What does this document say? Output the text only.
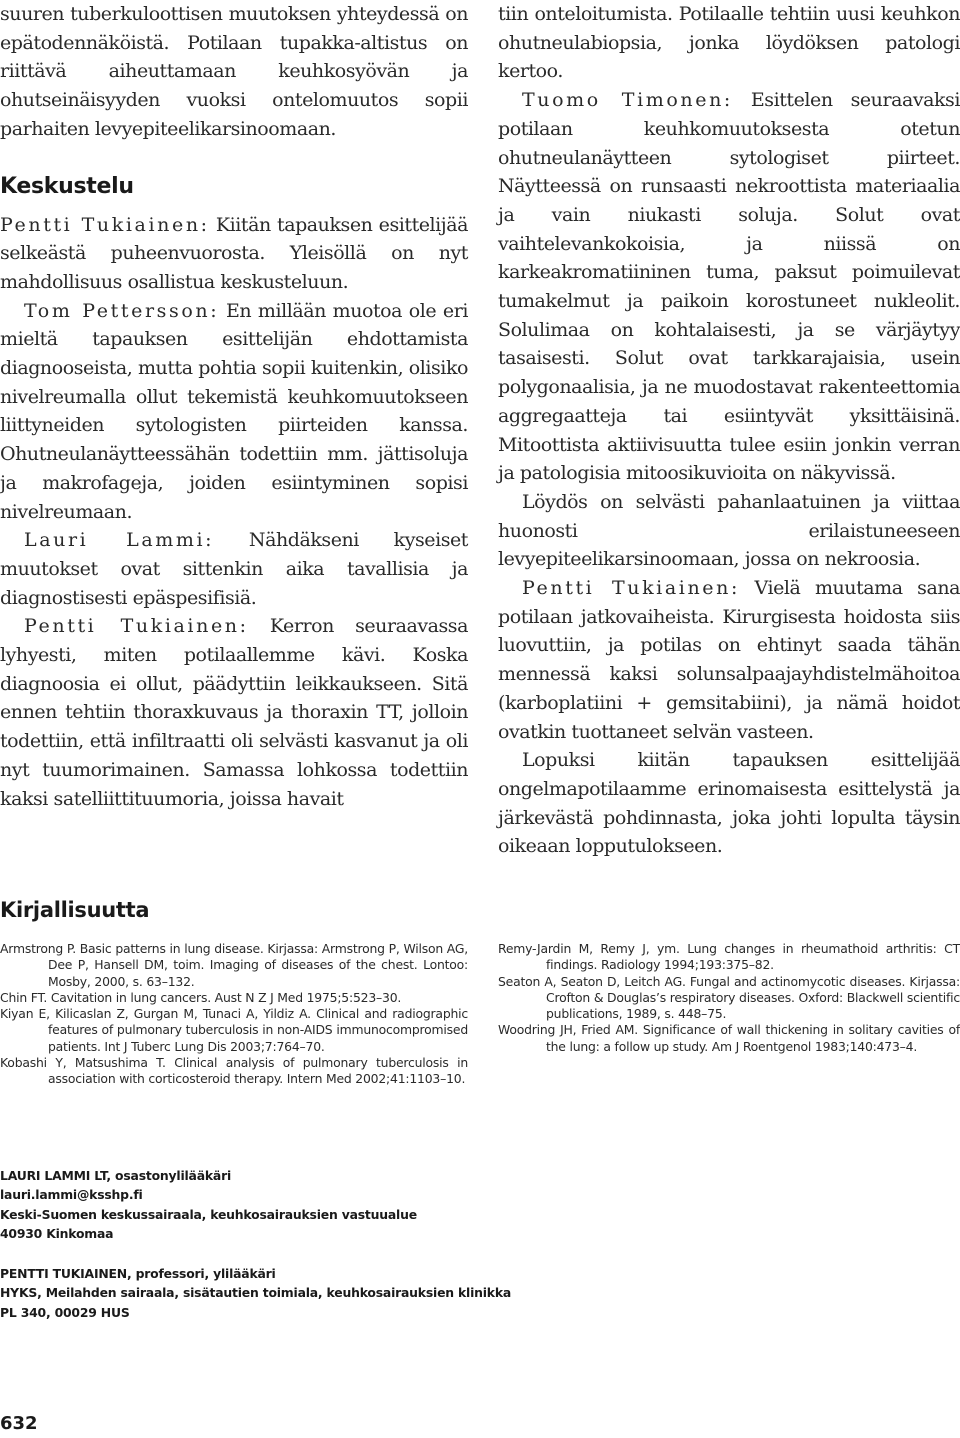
suuren tuberkuloottisen muutoksen yhteydessä on epätodennäköistä. Potilaan tupakka-altistus on riittävä aiheuttamaan keuhkosyövän ja ohutseinäisyyden vuoksi ontelomuutos sopii parhaiten levyepiteelikarsinoomaan.

Keskustelu

Pentti Tukiainen: Kiitän tapauksen esittelijää selkeästä puheenvuorosta. Yleisöllä on nyt mahdollisuus osallistua keskusteluun.

Tom Pettersson: En millään muotoa ole eri mieltä tapauksen esittelijän ehdottamista diagnooseista, mutta pohtia sopii kuitenkin, olisiko nivelreumalla ollut tekemistä keuhkomuutokseen liittyneiden sytologisten piirteiden kanssa. Ohutneulanäytteessähän todettiin mm. jättisoluja ja makrofageja, joiden esiintyminen sopisi nivelreumaan.

Lauri Lammi: Nähdäkseni kyseiset muutokset ovat sittenkin aika tavallisia ja diagnostisesti epäspesifisiä.

Pentti Tukiainen: Kerron seuraavassa lyhyesti, miten potilaallemme kävi. Koska diagnoosia ei ollut, päädyttiin leikkaukseen. Sitä ennen tehtiin thoraxkuvaus ja thoraxin TT, jolloin todettiin, että infiltraatti oli selvästi kasvanut ja oli nyt tuumorimainen. Samassa lohkossa todettiin kaksi satelliittituumoria, joissa havait

tiin onteloitumista. Potilaalle tehtiin uusi keuhkon ohutneulabiopsia, jonka löydöksen patologi kertoo.

Tuomo Timonen: Esittelen seuraavaksi potilaan keuhkomuutoksesta otetun ohutneulanäytteen sytologiset piirteet. Näytteessä on runsaasti nekroottista materiaalia ja vain niukasti soluja. Solut ovat vaihtelevankokoisia, ja niissä on karkeakromatiininen tuma, paksut poimuilevat tumakelmut ja paikoin korostuneet nukleolit. Solulimaa on kohtalaisesti, ja se värjäytyy tasaisesti. Solut ovat tarkkarajaisia, usein polygonaalisia, ja ne muodostavat rakenteettomia aggregaatteja tai esiintyvät yksittäisinä. Mitoottista aktiivisuutta tulee esiin jonkin verran ja patologisia mitoosikuvioita on näkyvissä.

Löydös on selvästi pahanlaatuinen ja viittaa huonosti erilaistuneeseen levyepiteelikarsinoomaan, jossa on nekroosia.

Pentti Tukiainen: Vielä muutama sana potilaan jatkovaiheista. Kirurgisesta hoidosta siis luovuttiin, ja potilas on ehtinyt saada tähän mennessä kaksi solunsalpaajayhdistelmähoitoa (karboplatiini + gemsitabiini), ja nämä hoidot ovatkin tuottaneet selvän vasteen.

Lopuksi kiitän tapauksen esittelijää ongelmapotilaamme erinomaisesta esittelystä ja järkevästä pohdinnasta, joka johti lopulta täysin oikeaan lopputulokseen.

Kirjallisuutta

Armstrong P. Basic patterns in lung disease. Kirjassa: Armstrong P, Wilson AG, Dee P, Hansell DM, toim. Imaging of diseases of the chest. Lontoo: Mosby, 2000, s. 63–132.

Chin FT. Cavitation in lung cancers. Aust N Z J Med 1975;5:523–30.

Kiyan E, Kilicaslan Z, Gurgan M, Tunaci A, Yildiz A. Clinical and radiographic features of pulmonary tuberculosis in non-AIDS immunocompromised patients. Int J Tuberc Lung Dis 2003;7:764–70.

Kobashi Y, Matsushima T. Clinical analysis of pulmonary tuberculosis in association with corticosteroid therapy. Intern Med 2002;41:1103–10.

Remy-Jardin M, Remy J, ym. Lung changes in rheumathoid arthritis: CT findings. Radiology 1994;193:375–82.

Seaton A, Seaton D, Leitch AG. Fungal and actinomycotic diseases. Kirjassa: Crofton & Douglas’s respiratory diseases. Oxford: Blackwell scientific publications, 1989, s. 448–75.

Woodring JH, Fried AM. Significance of wall thickening in solitary cavities of the lung: a follow up study. Am J Roentgenol 1983;140:473–4.

LAURI LAMMI LT, osastonylilääkäri
lauri.lammi@ksshp.fi
Keski-Suomen keskussairaala, keuhkosairauksien vastuualue
40930 Kinkomaa
PENTTI TUKIAINEN, professori, ylilääkäri
HYKS, Meilahden sairaala, sisätautien toimiala, keuhkosairauksien klinikka
PL 340, 00029 HUS
632
